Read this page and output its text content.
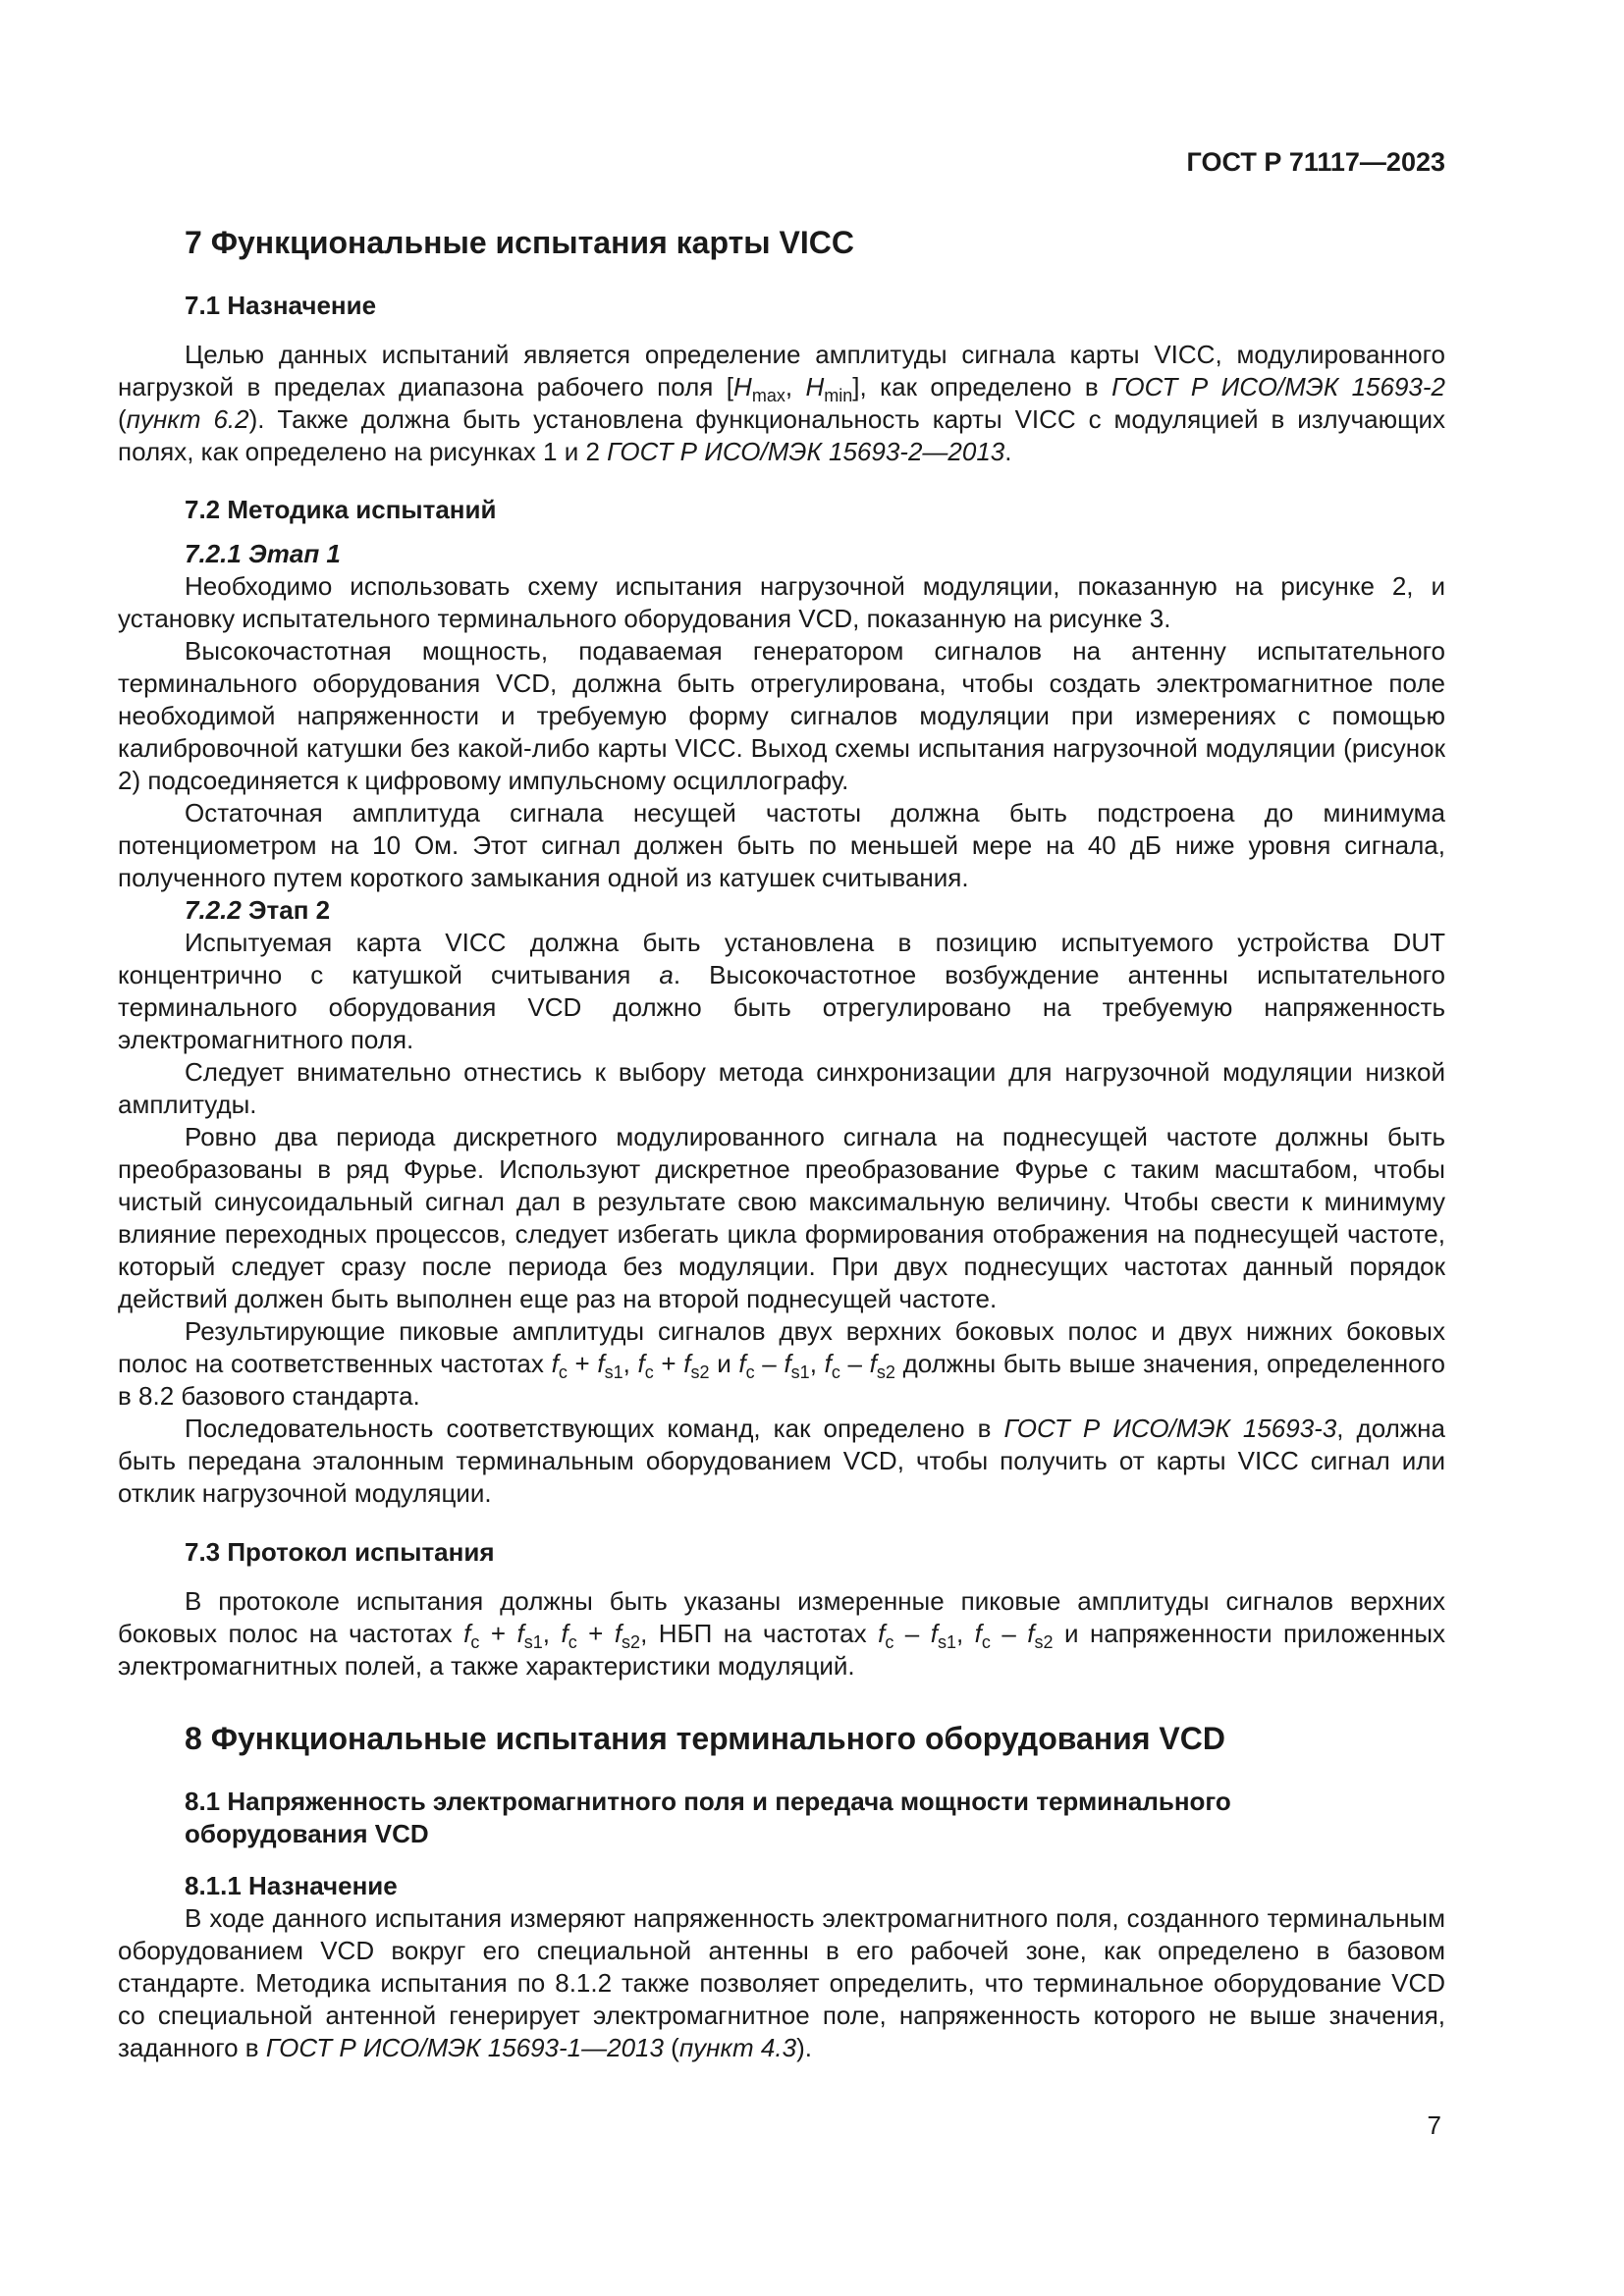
ГОСТ Р 71117—2023
7 Функциональные испытания карты VICC
7.1 Назначение

Целью данных испытаний является определение амплитуды сигнала карты VICC, модулированного нагрузкой в пределах диапазона рабочего поля [$H_{max}$, $H_{min}$], как определено в ГОСТ Р ИСО/МЭК 15693-2 (пункт 6.2). Также должна быть установлена функциональность карты VICC с модуляцией в излучающих полях, как определено на рисунках 1 и 2 ГОСТ Р ИСО/МЭК 15693-2—2013.

7.2 Методика испытаний
7.2.1 Этап 1

Необходимо использовать схему испытания нагрузочной модуляции, показанную на рисунке 2, и установку испытательного терминального оборудования VCD, показанную на рисунке 3.

Высокочастотная мощность, подаваемая генератором сигналов на антенну испытательного терминального оборудования VCD, должна быть отрегулирована, чтобы создать электромагнитное поле необходимой напряженности и требуемую форму сигналов модуляции при измерениях с помощью калибровочной катушки без какой-либо карты VICC. Выход схемы испытания нагрузочной модуляции (рисунок 2) подсоединяется к цифровому импульсному осциллографу.

Остаточная амплитуда сигнала несущей частоты должна быть подстроена до минимума потенциометром на 10 Ом. Этот сигнал должен быть по меньшей мере на 40 дБ ниже уровня сигнала, полученного путем короткого замыкания одной из катушек считывания.

7.2.2 Этап 2

Испытуемая карта VICC должна быть установлена в позицию испытуемого устройства DUT концентрично с катушкой считывания a. Высокочастотное возбуждение антенны испытательного терминального оборудования VCD должно быть отрегулировано на требуемую напряженность электромагнитного поля.

Следует внимательно отнестись к выбору метода синхронизации для нагрузочной модуляции низкой амплитуды.

Ровно два периода дискретного модулированного сигнала на поднесущей частоте должны быть преобразованы в ряд Фурье. Используют дискретное преобразование Фурье с таким масштабом, чтобы чистый синусоидальный сигнал дал в результате свою максимальную величину. Чтобы свести к минимуму влияние переходных процессов, следует избегать цикла формирования отображения на поднесущей частоте, который следует сразу после периода без модуляции. При двух поднесущих частотах данный порядок действий должен быть выполнен еще раз на второй поднесущей частоте.

Результирующие пиковые амплитуды сигналов двух верхних боковых полос и двух нижних боковых полос на соответственных частотах $f_c + f_{s1}$, $f_c + f_{s2}$ и $f_c - f_{s1}$, $f_c - f_{s2}$ должны быть выше значения, определенного в 8.2 базового стандарта.

Последовательность соответствующих команд, как определено в ГОСТ Р ИСО/МЭК 15693-3, должна быть передана эталонным терминальным оборудованием VCD, чтобы получить от карты VICC сигнал или отклик нагрузочной модуляции.

7.3 Протокол испытания

В протоколе испытания должны быть указаны измеренные пиковые амплитуды сигналов верхних боковых полос на частотах $f_c + f_{s1}$, $f_c + f_{s2}$, НБП на частотах $f_c - f_{s1}$, $f_c - f_{s2}$ и напряженности приложенных электромагнитных полей, а также характеристики модуляций.

8 Функциональные испытания терминального оборудования VCD
8.1 Напряженность электромагнитного поля и передача мощности терминального
оборудования VCD
8.1.1 Назначение

В ходе данного испытания измеряют напряженность электромагнитного поля, созданного терминальным оборудованием VCD вокруг его специальной антенны в его рабочей зоне, как определено в базовом стандарте. Методика испытания по 8.1.2 также позволяет определить, что терминальное оборудование VCD со специальной антенной генерирует электромагнитное поле, напряженность которого не выше значения, заданного в ГОСТ Р ИСО/МЭК 15693-1—2013 (пункт 4.3).

7
